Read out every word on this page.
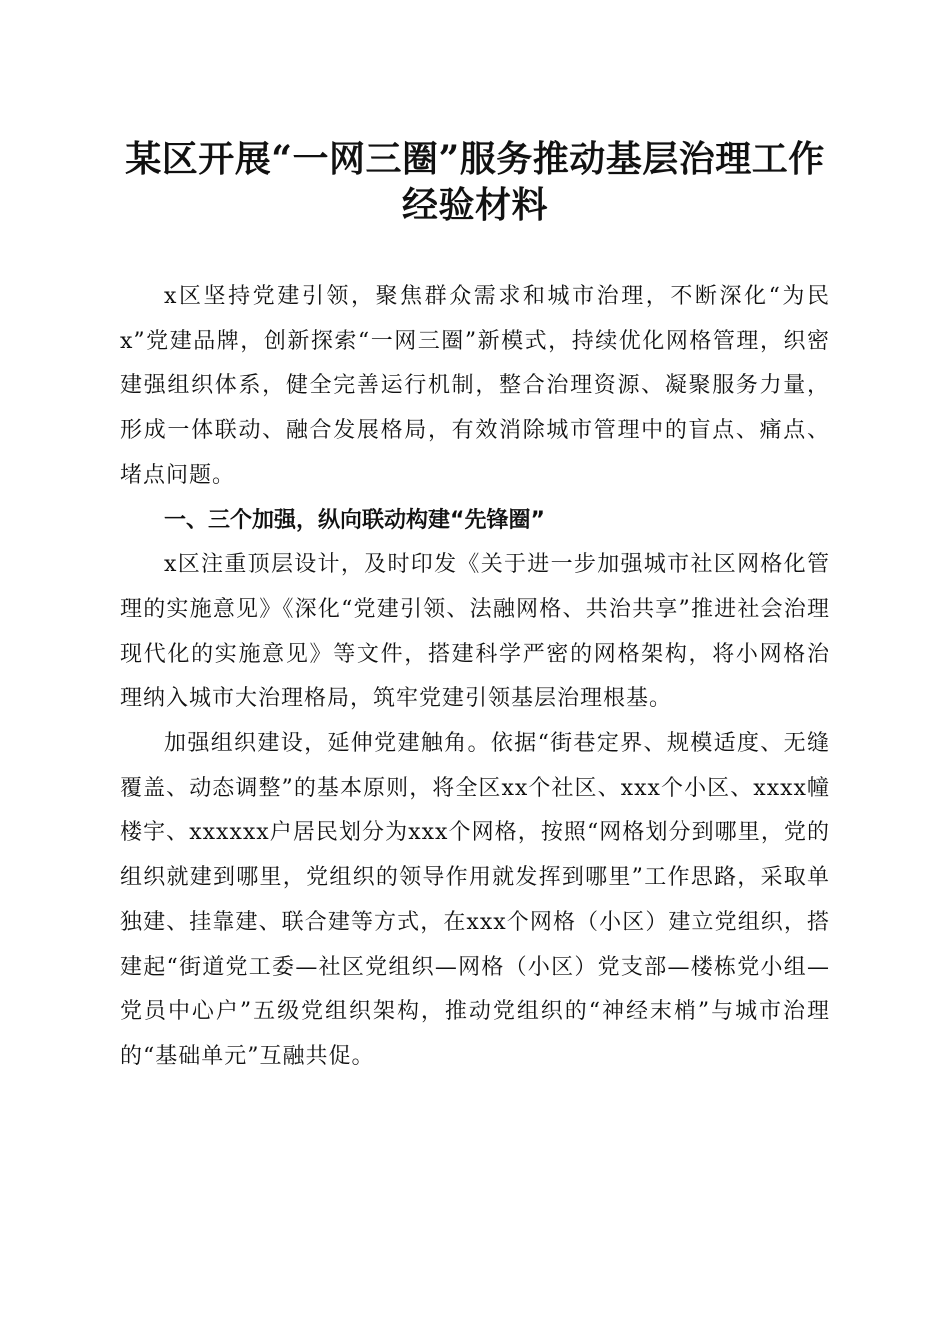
某区开展“一网三圈”服务推动基层治理工作
经验材料

x区坚持党建引领，聚焦群众需求和城市治理，不断深化“为民x”党建品牌，创新探索“一网三圈”新模式，持续优化网格管理，织密建强组织体系，健全完善运行机制，整合治理资源、凝聚服务力量，形成一体联动、融合发展格局，有效消除城市管理中的盲点、痛点、堵点问题。

一、三个加强，纵向联动构建“先锋圈”

x区注重顶层设计，及时印发《关于进一步加强城市社区网格化管理的实施意见》《深化“党建引领、法融网格、共治共享”推进社会治理现代化的实施意见》等文件，搭建科学严密的网格架构，将小网格治理纳入城市大治理格局，筑牢党建引领基层治理根基。

加强组织建设，延伸党建触角。依据“街巷定界、规模适度、无缝覆盖、动态调整”的基本原则，将全区xx个社区、xxx个小区、xxxx幢楼宇、xxxxxx户居民划分为xxx个网格，按照“网格划分到哪里，党的组织就建到哪里，党组织的领导作用就发挥到哪里”工作思路，采取单独建、挂靠建、联合建等方式，在xxx个网格（小区）建立党组织，搭建起“街道党工委—社区党组织—网格（小区）党支部—楼栋党小组—党员中心户”五级党组织架构，推动党组织的“神经末梢”与城市治理的“基础单元”互融共促。
